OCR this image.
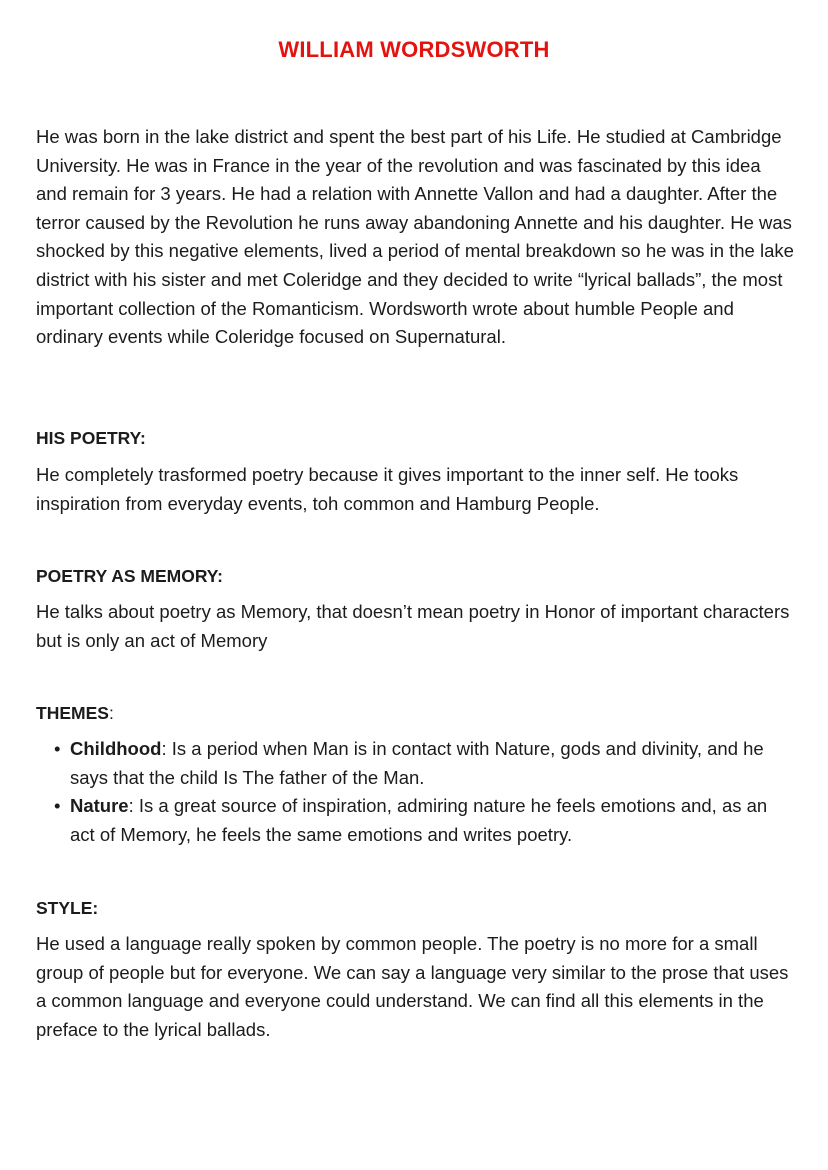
WILLIAM WORDSWORTH

He was born in the lake district and spent the best part of his Life. He studied at Cambridge University. He was in France in the year of the revolution and was fascinated by this idea and remain for 3 years. He had a relation with Annette Vallon and had a daughter. After the terror caused by the Revolution he runs away abandoning Annette and his daughter. He was shocked by this negative elements, lived a period of mental breakdown so he was in the lake district with his sister and met Coleridge and they decided to write “lyrical ballads”, the most important collection of the Romanticism. Wordsworth wrote about humble People and ordinary events while Coleridge focused on Supernatural.

HIS POETRY:

He completely trasformed poetry because it gives important to the inner self. He tooks inspiration from everyday events, toh common and Hamburg People.

POETRY AS MEMORY:

He talks about poetry as Memory, that doesn’t mean poetry in Honor of important characters but is only an act of Memory

THEMES:
• Childhood: Is a period when Man is in contact with Nature, gods and divinity, and he says that the child Is The father of the Man.
• Nature: Is a great source of inspiration, admiring nature he feels emotions and, as an act of Memory, he feels the same emotions and writes poetry.
STYLE:

He used a language really spoken by common people. The poetry is no more for a small group of people but for everyone. We can say a language very similar to the prose that uses a common language and everyone could understand. We can find all this elements in the preface to the lyrical ballads.
